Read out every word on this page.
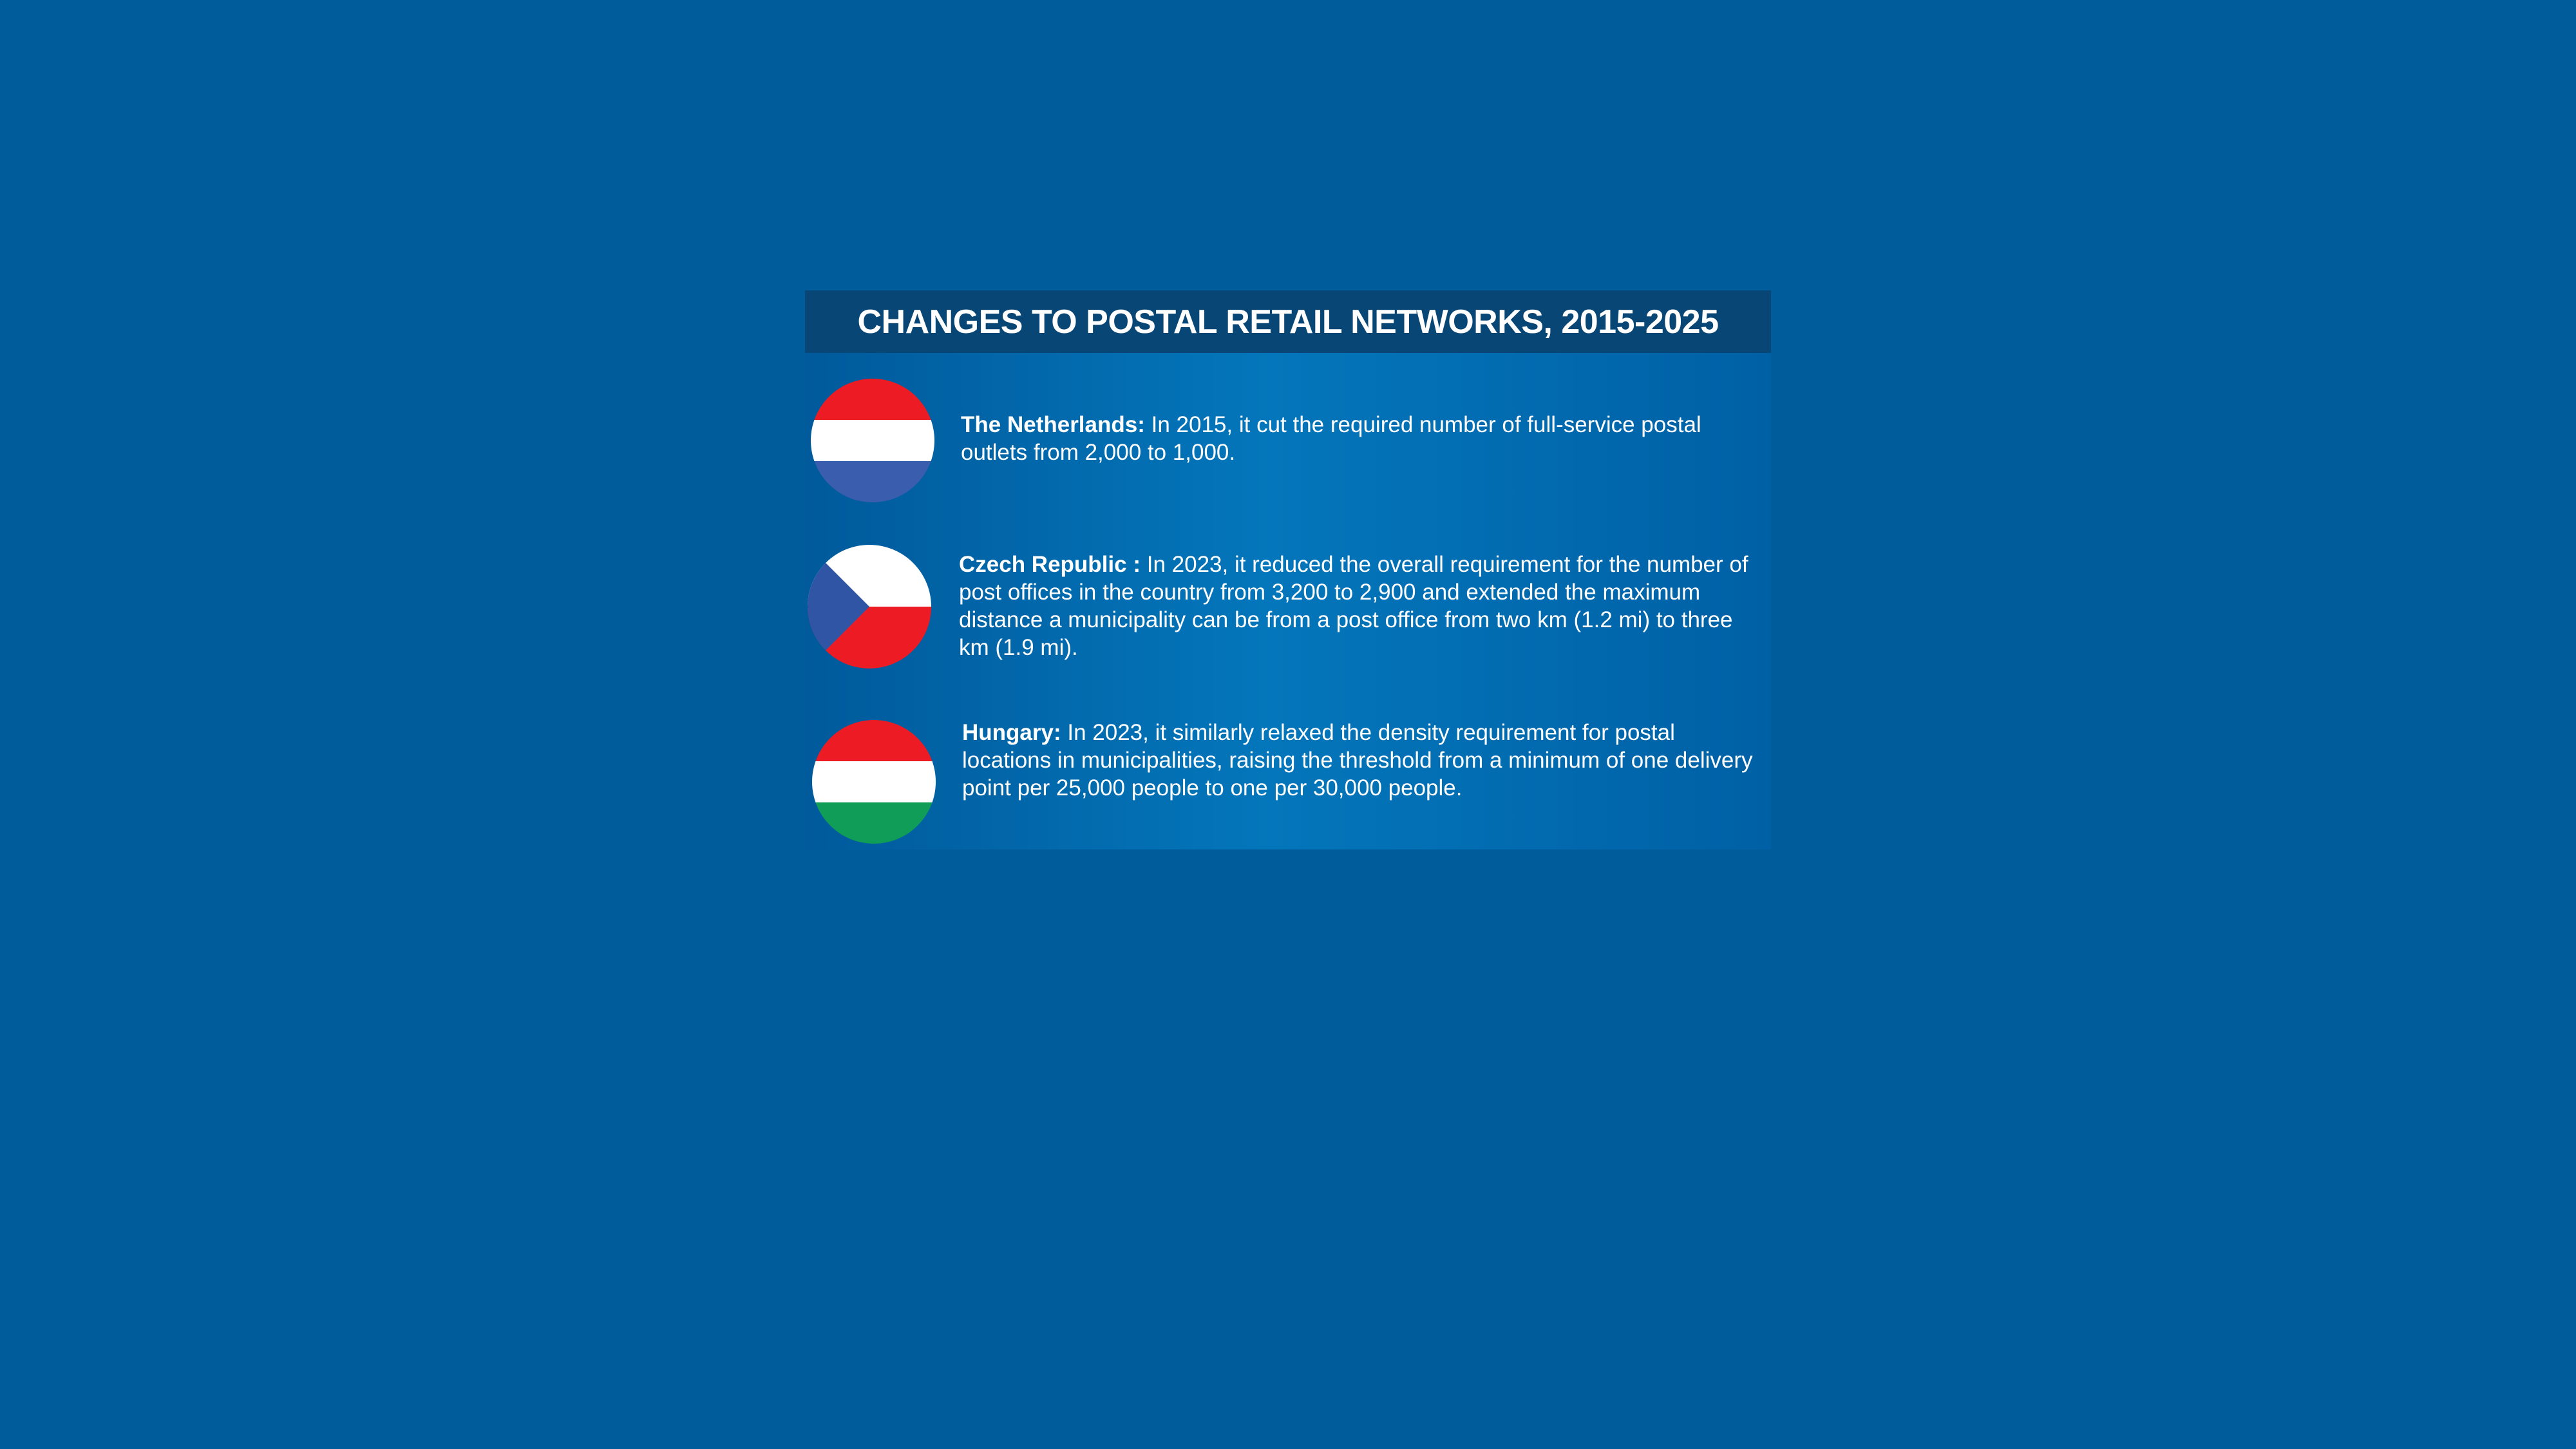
CHANGES TO POSTAL RETAIL NETWORKS, 2015-2025
The Netherlands: In 2015, it cut the required number of full-service postal outlets from 2,000 to 1,000.
Czech Republic : In 2023, it reduced the overall requirement for the number of post offices in the country from 3,200 to 2,900 and extended the maximum distance a municipality can be from a post office from two km (1.2 mi) to three km (1.9 mi).
Hungary: In 2023, it similarly relaxed the density requirement for postal locations in municipalities, raising the threshold from a minimum of one delivery point per 25,000 people to one per 30,000 people.
